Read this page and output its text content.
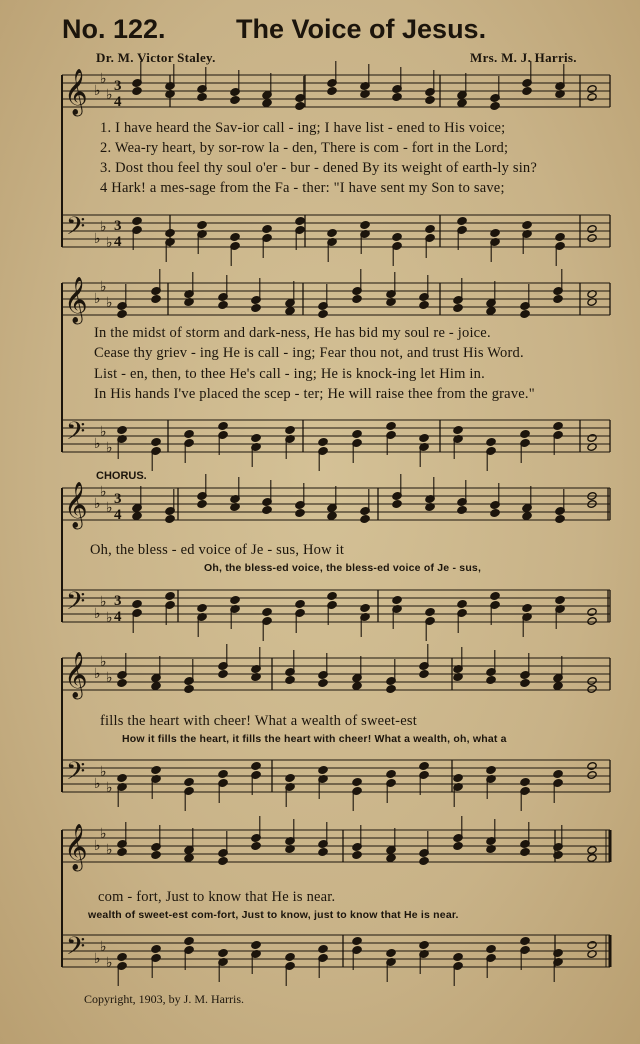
No. 122.	The Voice of Jesus.
Dr. M. Victor Staley.	Mrs. M. J. Harris.
𝄞
𝄢
♭
♭
♭
♭
♭
♭
3
4
3
4
𝄞
𝄢
♭
♭
♭
♭
♭
♭
𝄞
𝄢
♭
♭
♭
♭
♭
♭
3
4
3
4
𝄞
𝄢
♭
♭
♭
♭
♭
♭
𝄞
𝄢
♭
♭
♭
♭
♭
♭
1. I have heard the Sav-ior call - ing; I have list - ened to His voice;
2. Wea-ry heart, by sor-row la - den, There is com - fort in the Lord;
3. Dost thou feel thy soul o'er - bur - dened By its weight of earth-ly sin?
4 Hark! a mes-sage from the Fa - ther: "I have sent my Son to save;
In the midst of storm and dark-ness, He has bid my soul re - joice.
Cease thy griev - ing He is call - ing; Fear thou not, and trust His Word.
List - en, then, to thee He's call - ing; He is knock-ing let Him in.
In His hands I've placed the scep - ter; He will raise thee from the grave."
CHORUS.
Oh, the bless - ed voice of Je - sus, How it
Oh, the bless-ed voice, the bless-ed voice of Je - sus,
fills the heart with cheer! What a wealth of sweet-est
How it fills the heart, it fills the heart with cheer! What a wealth, oh, what a
com - fort, Just to know that He is near.
wealth of sweet-est com-fort, Just to know, just to know that He is near.
Copyright, 1903, by J. M. Harris.
